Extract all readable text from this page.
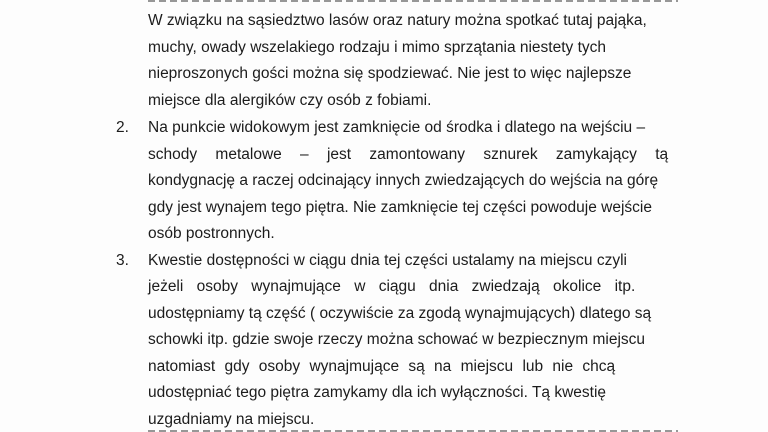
W związku na sąsiedztwo lasów oraz natury można spotkać tutaj pająka,
muchy, owady wszelakiego rodzaju i mimo sprzątania niestety tych
nieproszonych gości można się spodziewać. Nie jest to więc najlepsze
miejsce dla alergików czy osób z fobiami.
2. Na punkcie widokowym jest zamknięcie od środka i dlatego na wejściu –
schody metalowe – jest zamontowany sznurek zamykający tą
kondygnację a raczej odcinający innych zwiedzających do wejścia na górę
gdy jest wynajem tego piętra. Nie zamknięcie tej części powoduje wejście
osób postronnych.
3. Kwestie dostępności w ciągu dnia tej części ustalamy na miejscu czyli
jeżeli osoby wynajmujące w ciągu dnia zwiedzają okolice itp.
udostępniamy tą część ( oczywiście za zgodą wynajmujących) dlatego są
schowki itp. gdzie swoje rzeczy można schować w bezpiecznym miejscu
natomiast gdy osoby wynajmujące są na miejscu lub nie chcą
udostępniać tego piętra zamykamy dla ich wyłączności. Tą kwestię
uzgadniamy na miejscu.
